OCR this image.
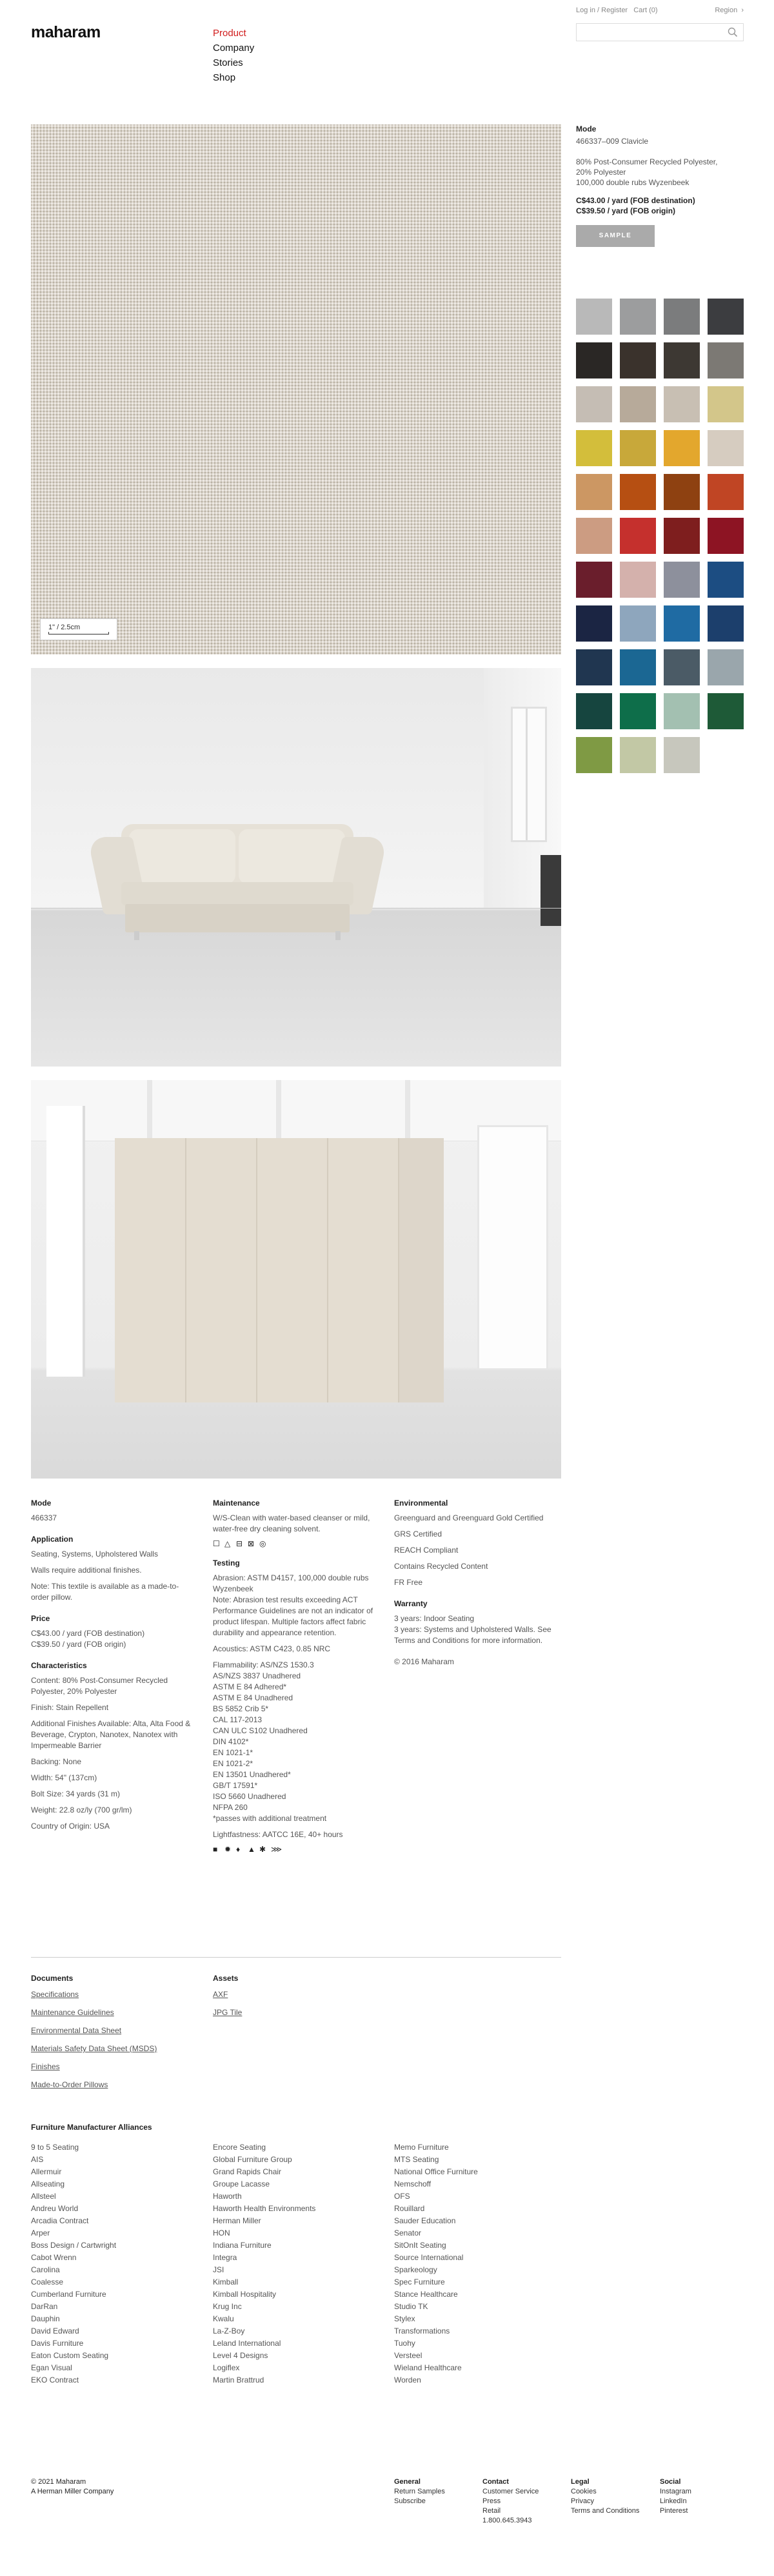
maharam	Product
Company
Stories
Shop
Log in / Register Cart (0)	Region  ›
1" / 2.5cm
Mode
466337–009 Clavicle
80% Post-Consumer Recycled Polyester,
20% Polyester
100,000 double rubs Wyzenbeek
C$43.00 / yard (FOB destination)
C$39.50 / yard (FOB origin)
SAMPLE
Mode
466337
Application
Seating, Systems, Upholstered Walls
Walls require additional finishes.
Note: This textile is available as a made-to-order pillow.
Price
C$43.00 / yard (FOB destination)
C$39.50 / yard (FOB origin)
Characteristics
Content: 80% Post-Consumer Recycled Polyester, 20% Polyester
Finish: Stain Repellent
Additional Finishes Available: Alta, Alta Food & Beverage, Crypton, Nanotex, Nanotex with Impermeable Barrier
Backing: None
Width: 54" (137cm)
Bolt Size: 34 yards (31 m)
Weight: 22.8 oz/ly (700 gr/lm)
Country of Origin: USA
Maintenance
W/S-Clean with water-based cleanser or mild, water-free dry cleaning solvent.
☐ △ ⊟ ⊠ ◎
Testing
Abrasion: ASTM D4157, 100,000 double rubs Wyzenbeek
Note: Abrasion test results exceeding ACT Performance Guidelines are not an indicator of product lifespan. Multiple factors affect fabric durability and appearance retention.
Acoustics: ASTM C423, 0.85 NRC
Flammability: AS/NZS 1530.3
AS/NZS 3837 Unadhered
ASTM E 84 Adhered*
ASTM E 84 Unadhered
BS 5852 Crib 5*
CAL 117-2013
CAN ULC S102 Unadhered
DIN 4102*
EN 1021-1*
EN 1021-2*
EN 13501 Unadhered*
GB/T 17591*
ISO 5660 Unadhered
NFPA 260
*passes with additional treatment
Lightfastness: AATCC 16E, 40+ hours
■ ✹ ♦ ▲ ✱ ⋙
Environmental
Greenguard and Greenguard Gold Certified
GRS Certified
REACH Compliant
Contains Recycled Content
FR Free
Warranty
3 years: Indoor Seating
3 years: Systems and Upholstered Walls. See Terms and Conditions for more information.
© 2016 Maharam
Documents
Specifications
Maintenance Guidelines
Environmental Data Sheet
Materials Safety Data Sheet (MSDS)
Finishes
Made-to-Order Pillows
Assets
AXF
JPG Tile
Furniture Manufacturer Alliances
9 to 5 Seating
AIS
Allermuir
Allseating
Allsteel
Andreu World
Arcadia Contract
Arper
Boss Design / Cartwright
Cabot Wrenn
Carolina
Coalesse
Cumberland Furniture
DarRan
Dauphin
David Edward
Davis Furniture
Eaton Custom Seating
Egan Visual
EKO Contract
Encore Seating
Global Furniture Group
Grand Rapids Chair
Groupe Lacasse
Haworth
Haworth Health Environments
Herman Miller
HON
Indiana Furniture
Integra
JSI
Kimball
Kimball Hospitality
Krug Inc
Kwalu
La-Z-Boy
Leland International
Level 4 Designs
Logiflex
Martin Brattrud
Memo Furniture
MTS Seating
National Office Furniture
Nemschoff
OFS
Rouillard
Sauder Education
Senator
SitOnIt Seating
Source International
Sparkeology
Spec Furniture
Stance Healthcare
Studio TK
Stylex
Transformations
Tuohy
Versteel
Wieland Healthcare
Worden
© 2021 Maharam
A Herman Miller Company
General
Return Samples
Subscribe
Contact
Customer Service
Press
Retail
1.800.645.3943
Legal
Cookies
Privacy
Terms and Conditions
Social
Instagram
LinkedIn
Pinterest
